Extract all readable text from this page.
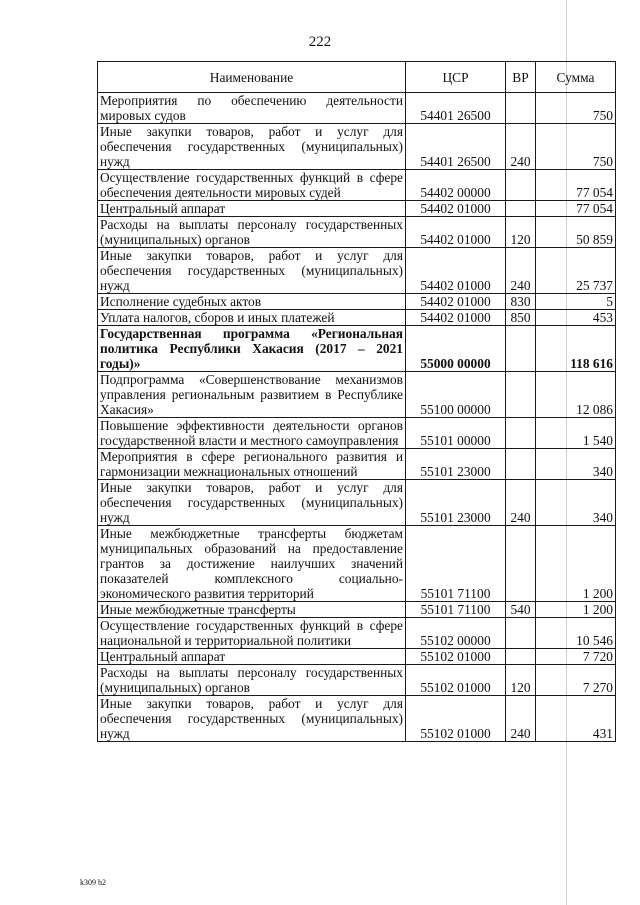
222
Наименование	ЦСР	ВР	Сумма
Мероприятия по обеспечению деятельности мировых судов	54401 26500		750
Иные закупки товаров, работ и услуг для обеспечения государственных (муниципальных) нужд	54401 26500	240	750
Осуществление государственных функций в сфере обеспечения деятельности мировых судей	54402 00000		77 054
Центральный аппарат	54402 01000		77 054
Расходы на выплаты персоналу государственных (муниципальных) органов	54402 01000	120	50 859
Иные закупки товаров, работ и услуг для обеспечения государственных (муниципальных) нужд	54402 01000	240	25 737
Исполнение судебных актов	54402 01000	830	5
Уплата налогов, сборов и иных платежей	54402 01000	850	453
Государственная программа «Региональная политика Республики Хакасия (2017 – 2021 годы)»	55000 00000		118 616
Подпрограмма «Совершенствование механизмов управления региональным развитием в Республике Хакасия»	55100 00000		12 086
Повышение эффективности деятельности органов государственной власти и местного самоуправления	55101 00000		1 540
Мероприятия в сфере регионального развития и гармонизации межнациональных отношений	55101 23000		340
Иные закупки товаров, работ и услуг для обеспечения государственных (муниципальных) нужд	55101 23000	240	340
Иные межбюджетные трансферты бюджетам муниципальных образований на предоставление грантов за достижение наилучших значений показателей комплексного социально-экономического развития территорий	55101 71100		1 200
Иные межбюджетные трансферты	55101 71100	540	1 200
Осуществление государственных функций в сфере национальной и территориальной политики	55102 00000		10 546
Центральный аппарат	55102 01000		7 720
Расходы на выплаты персоналу государственных (муниципальных) органов	55102 01000	120	7 270
Иные закупки товаров, работ и услуг для обеспечения государственных (муниципальных) нужд	55102 01000	240	431
k309 h2
